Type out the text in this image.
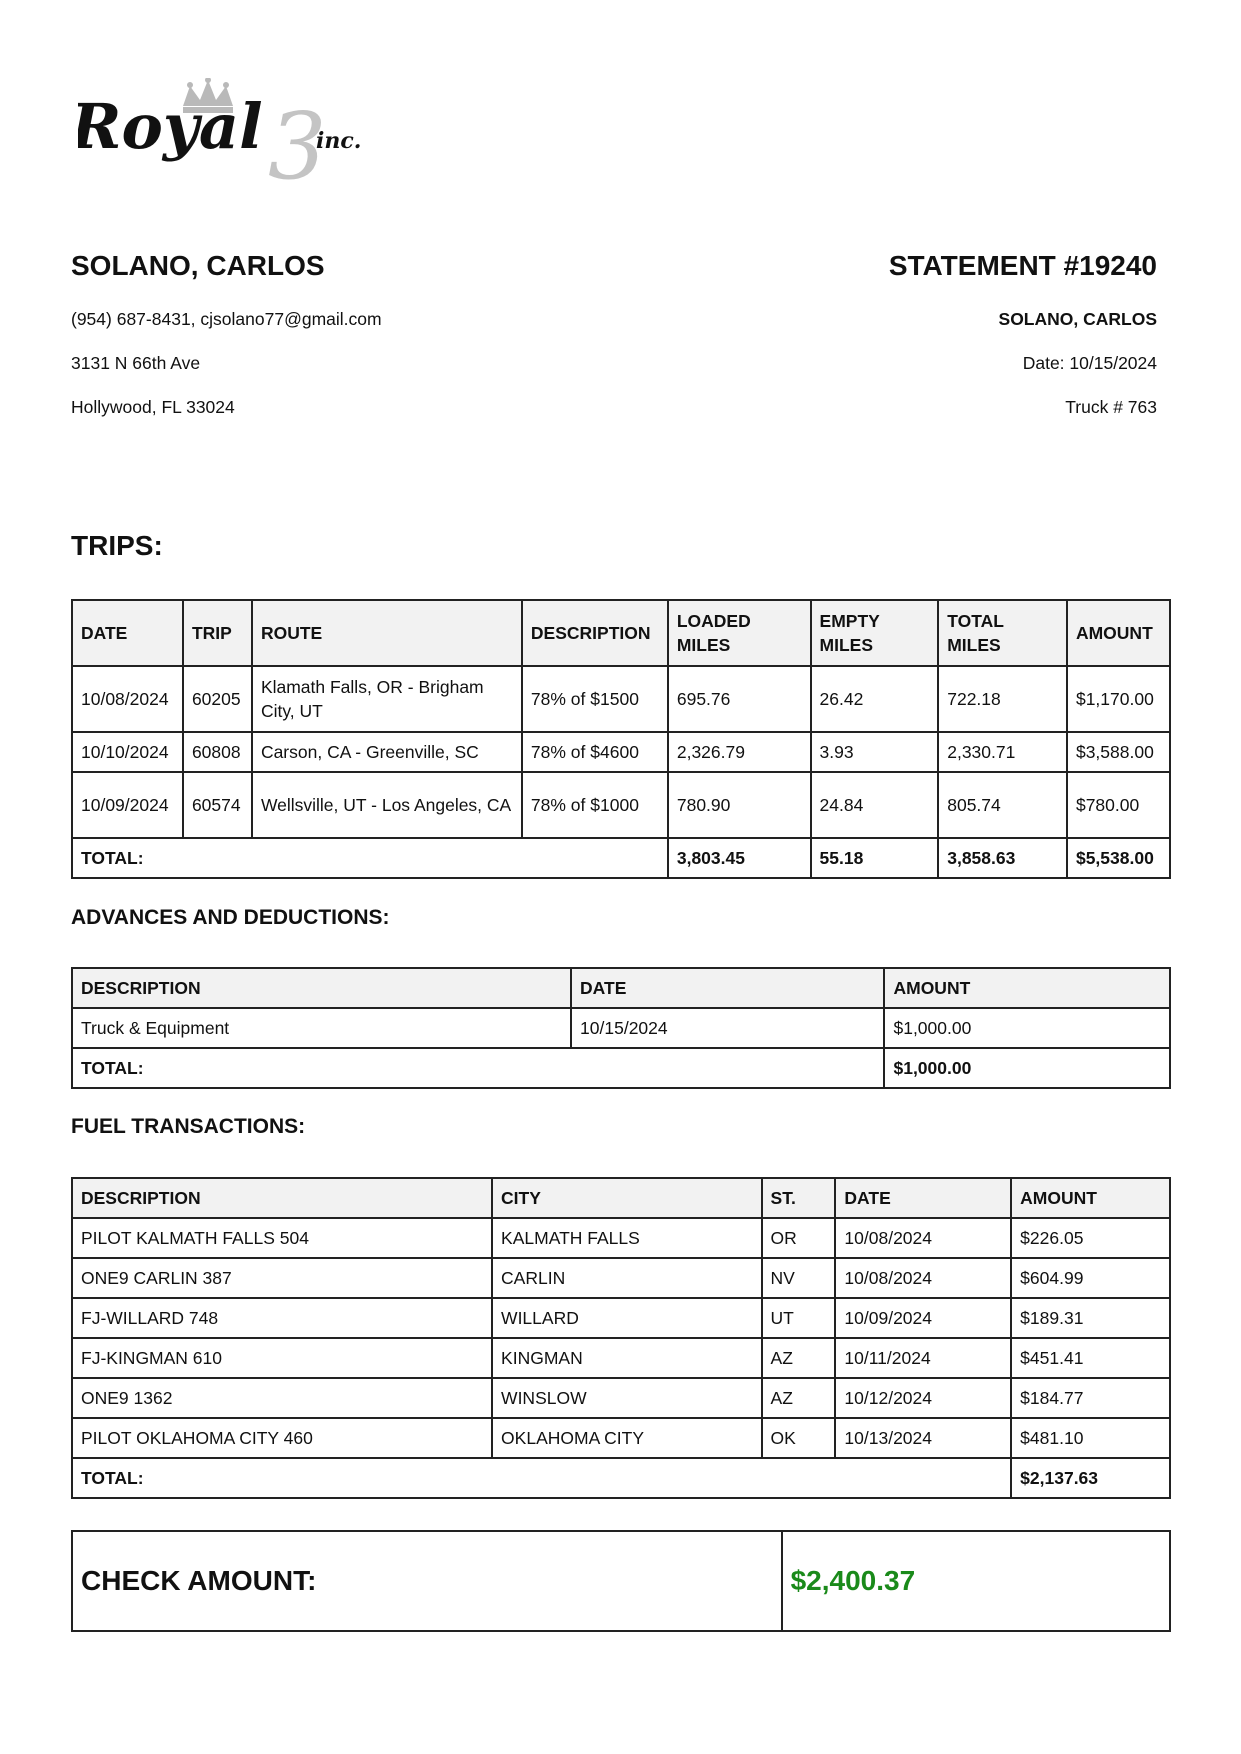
3
Royal inc.
SOLANO, CARLOS

(954) 687-8431, cjsolano77@gmail.com

3131 N 66th Ave

Hollywood, FL 33024

STATEMENT #19240

SOLANO, CARLOS

Date: 10/15/2024

Truck # 763

TRIPS:
DATE	TRIP	ROUTE	DESCRIPTION	LOADED MILES	EMPTY MILES	TOTAL MILES	AMOUNT
10/08/2024	60205	Klamath Falls, OR - Brigham City, UT	78% of $1500	695.76	26.42	722.18	$1,170.00
10/10/2024	60808	Carson, CA - Greenville, SC	78% of $4600	2,326.79	3.93	2,330.71	$3,588.00
10/09/2024	60574	Wellsville, UT - Los Angeles, CA	78% of $1000	780.90	24.84	805.74	$780.00
TOTAL:				3,803.45	55.18	3,858.63	$5,538.00
ADVANCES AND DEDUCTIONS:
DESCRIPTION	DATE	AMOUNT
Truck & Equipment	10/15/2024	$1,000.00
TOTAL:		$1,000.00
FUEL TRANSACTIONS:
DESCRIPTION	CITY	ST.	DATE	AMOUNT
PILOT KALMATH FALLS 504	KALMATH FALLS	OR	10/08/2024	$226.05
ONE9 CARLIN 387	CARLIN	NV	10/08/2024	$604.99
FJ-WILLARD 748	WILLARD	UT	10/09/2024	$189.31
FJ-KINGMAN 610	KINGMAN	AZ	10/11/2024	$451.41
ONE9 1362	WINSLOW	AZ	10/12/2024	$184.77
PILOT OKLAHOMA CITY 460	OKLAHOMA CITY	OK	10/13/2024	$481.10
TOTAL:				$2,137.63
CHECK AMOUNT:	$2,400.37
